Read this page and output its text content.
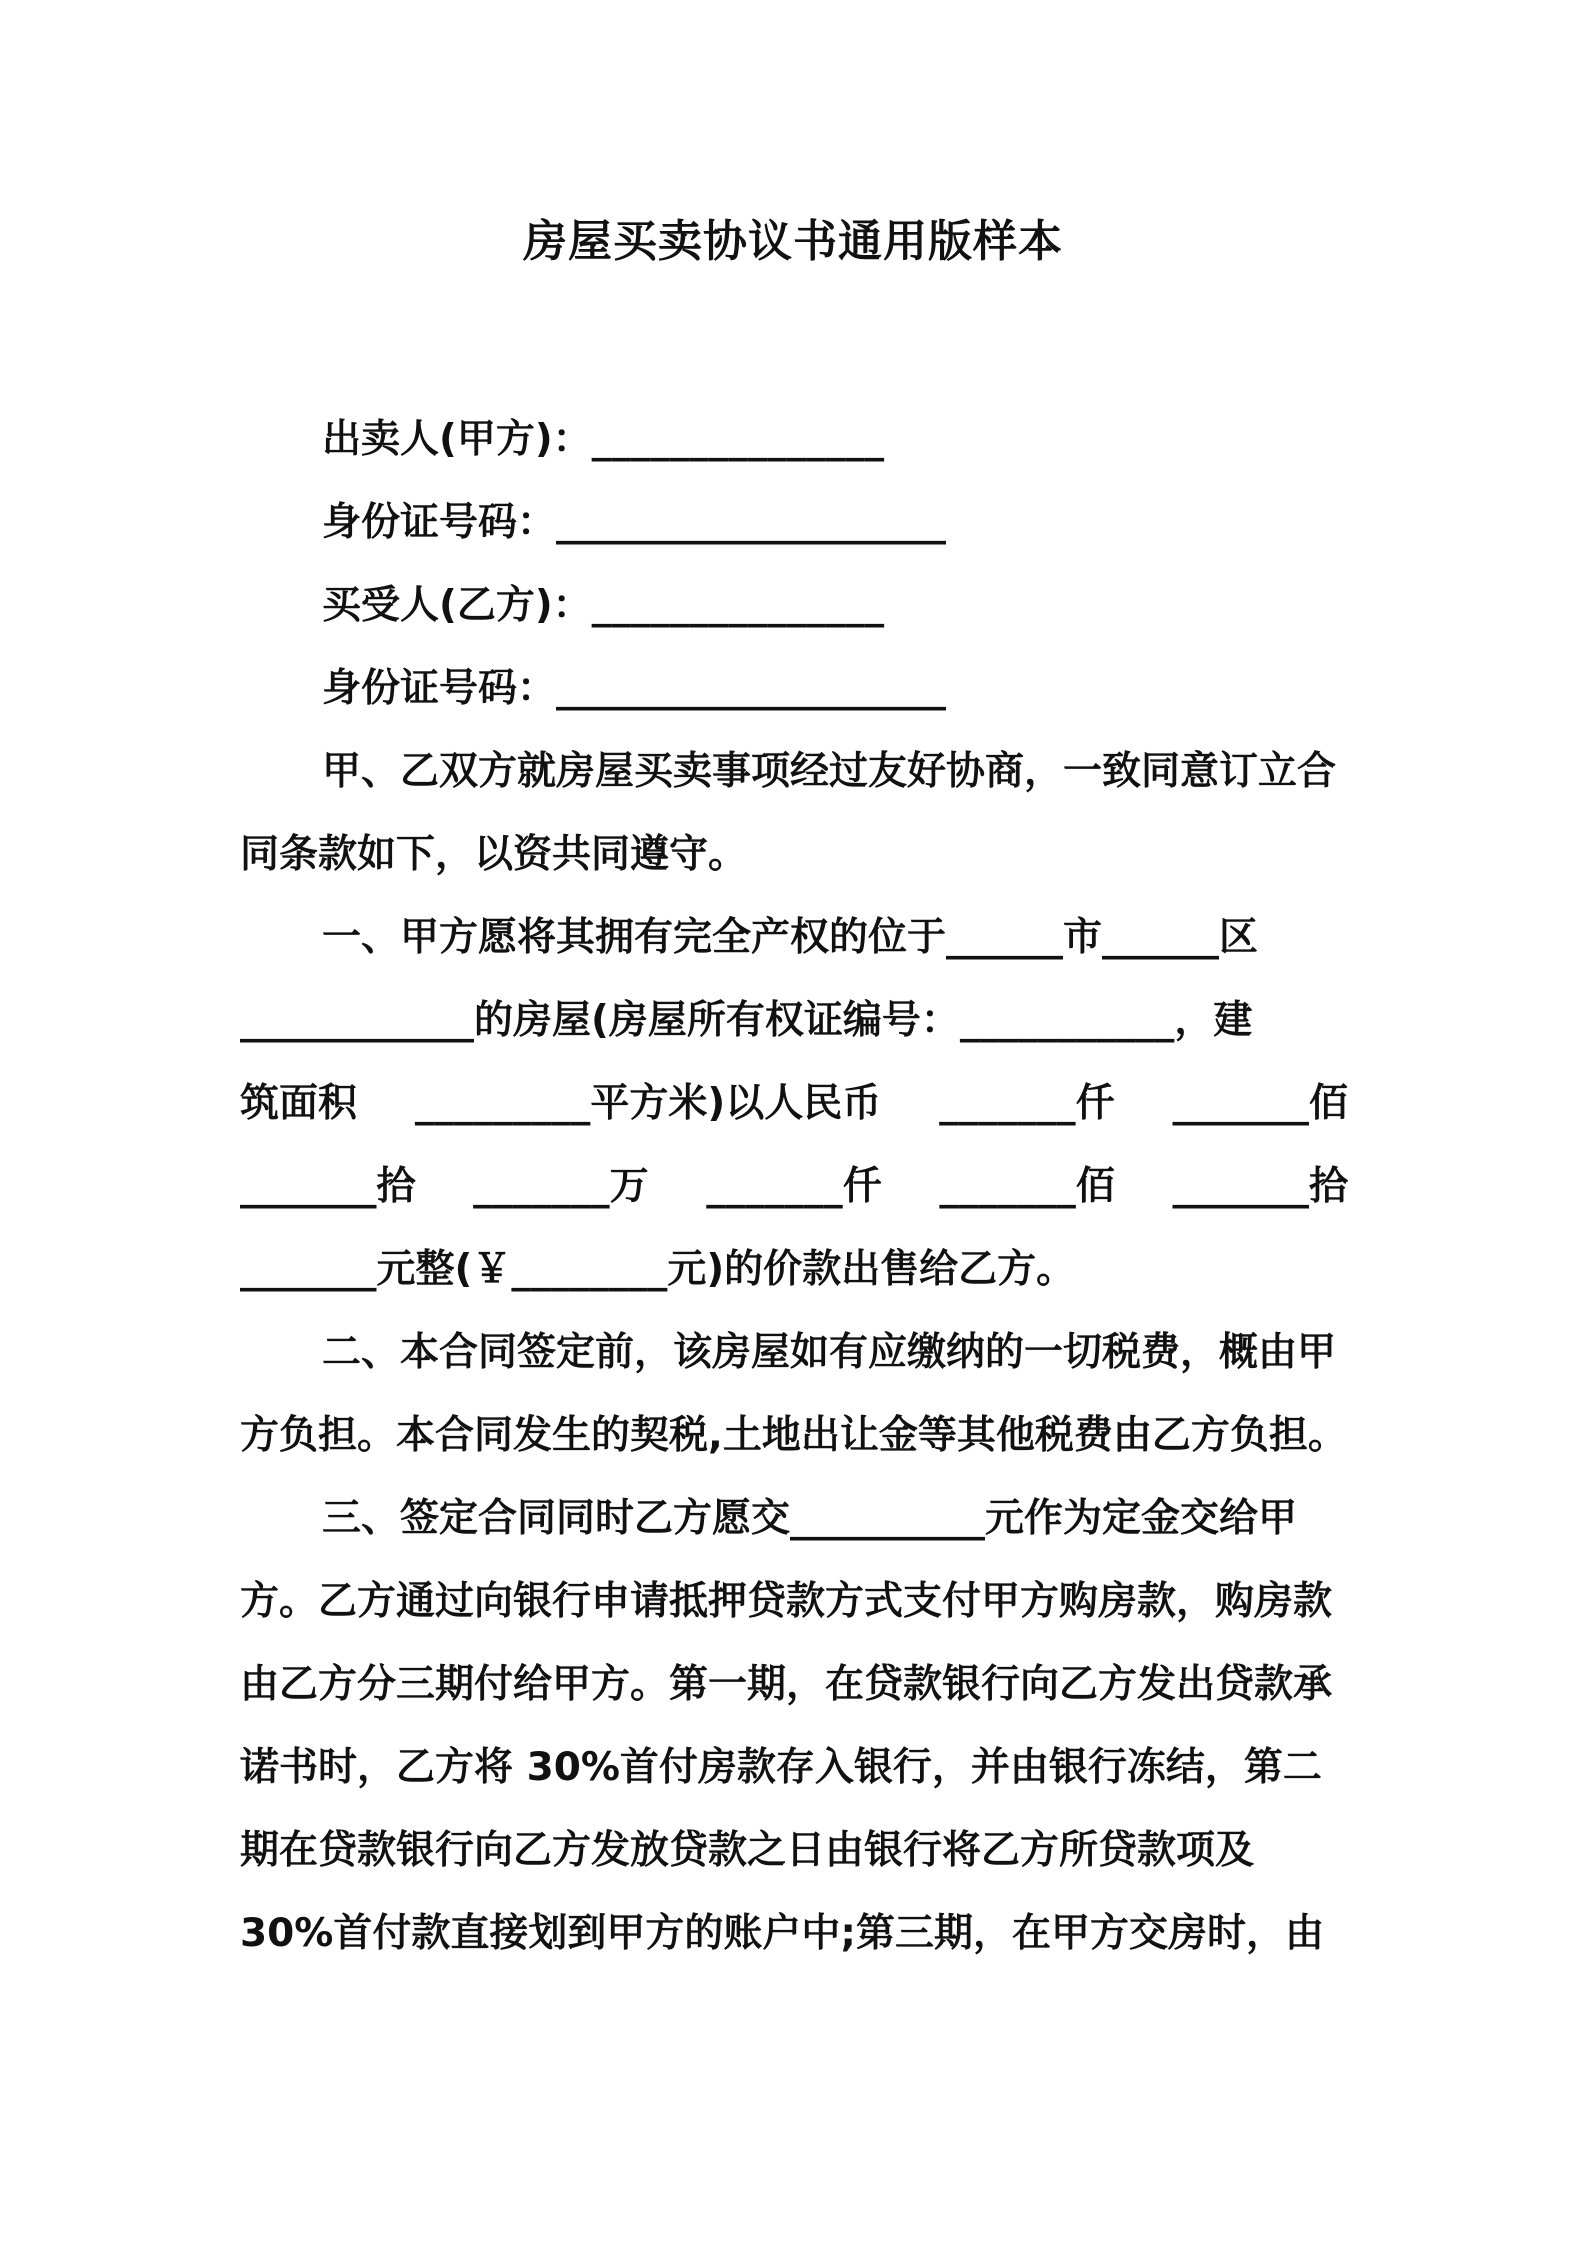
房屋买卖协议书通用版样本
出卖人(甲方)：_______________
身份证号码：____________________
买受人(乙方)：_______________
身份证号码：____________________
甲、乙双方就房屋买卖事项经过友好协商，一致同意订立合
同条款如下，以资共同遵守。
一、甲方愿将其拥有完全产权的位于______市______区
____________的房屋(房屋所有权证编号：___________，建
筑面积 _________平方米)以人民币 _______仟 _______佰
_______拾 _______万 _______仟 _______佰 _______拾
_______元整(￥________元)的价款出售给乙方。
二、本合同签定前，该房屋如有应缴纳的一切税费，概由甲
方负担。本合同发生的契税,土地出让金等其他税费由乙方负担。
三、签定合同同时乙方愿交__________元作为定金交给甲
方。乙方通过向银行申请抵押贷款方式支付甲方购房款，购房款
由乙方分三期付给甲方。第一期，在贷款银行向乙方发出贷款承
诺书时，乙方将 30%首付房款存入银行，并由银行冻结，第二
期在贷款银行向乙方发放贷款之日由银行将乙方所贷款项及
30%首付款直接划到甲方的账户中;第三期，在甲方交房时，由
